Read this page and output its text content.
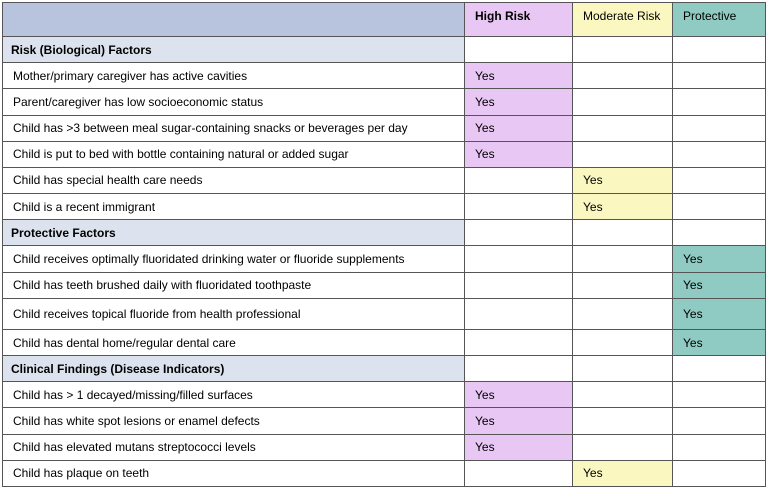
	High Risk	Moderate Risk	Protective
Risk (Biological) Factors			
Mother/primary caregiver has active cavities	Yes		
Parent/caregiver has low socioeconomic status	Yes		
Child has >3 between meal sugar-containing snacks or beverages per day	Yes		
Child is put to bed with bottle containing natural or added sugar	Yes		
Child has special health care needs		Yes	
Child is a recent immigrant		Yes	
Protective Factors			
Child receives optimally fluoridated drinking water or fluoride supplements			Yes
Child has teeth brushed daily with fluoridated toothpaste			Yes
Child receives topical fluoride from health professional			Yes
Child has dental home/regular dental care			Yes
Clinical Findings (Disease Indicators)			
Child has > 1 decayed/missing/filled surfaces	Yes		
Child has white spot lesions or enamel defects	Yes		
Child has elevated mutans streptococci levels	Yes		
Child has plaque on teeth		Yes	
